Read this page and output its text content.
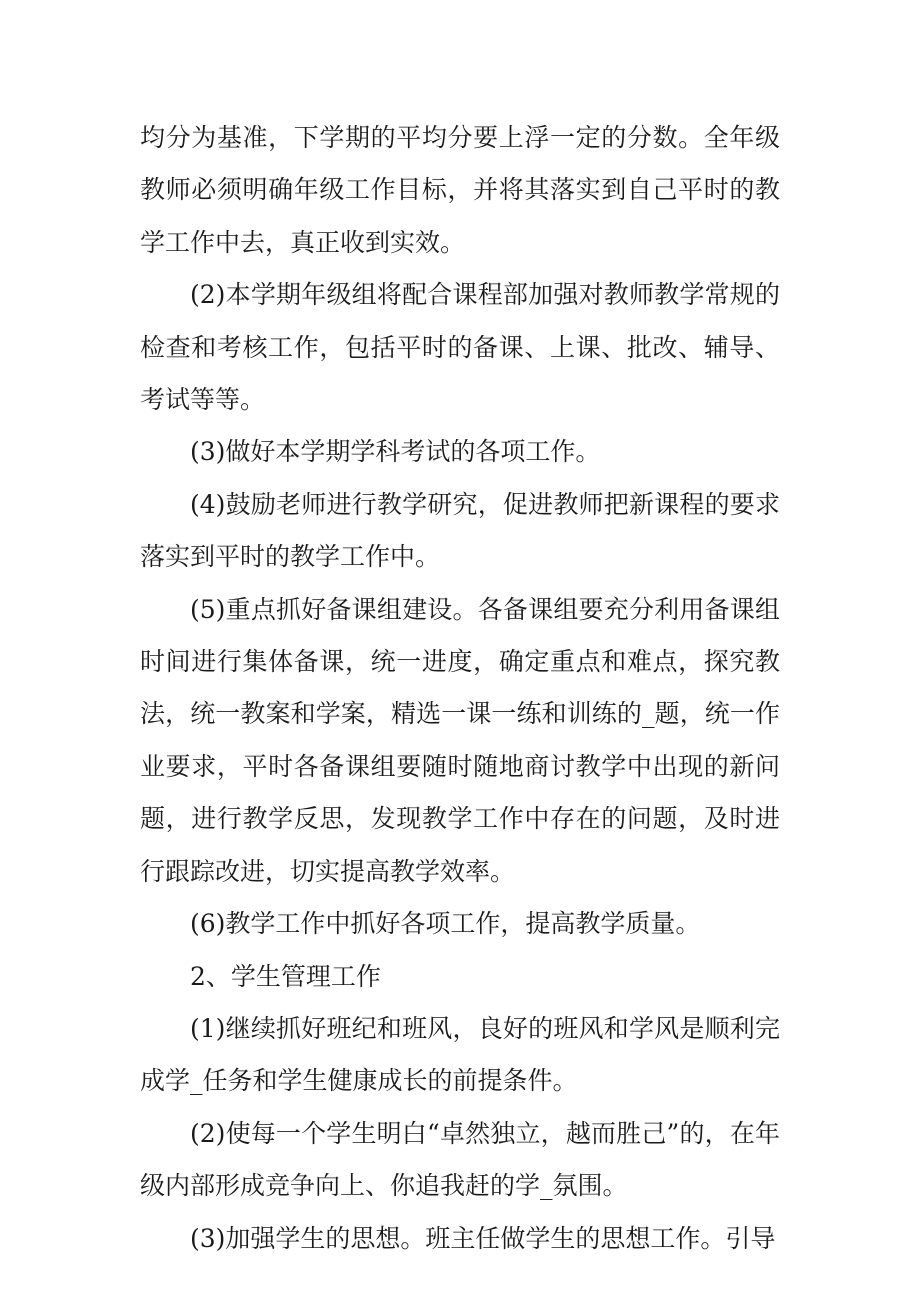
均分为基准，下学期的平均分要上浮一定的分数。全年级教师必须明确年级工作目标，并将其落实到自己平时的教学工作中去，真正收到实效。

(2)本学期年级组将配合课程部加强对教师教学常规的检查和考核工作，包括平时的备课、上课、批改、辅导、考试等等。

(3)做好本学期学科考试的各项工作。

(4)鼓励老师进行教学研究，促进教师把新课程的要求落实到平时的教学工作中。

(5)重点抓好备课组建设。各备课组要充分利用备课组时间进行集体备课，统一进度，确定重点和难点，探究教法，统一教案和学案，精选一课一练和训练的_题，统一作业要求，平时各备课组要随时随地商讨教学中出现的新问题，进行教学反思，发现教学工作中存在的问题，及时进行跟踪改进，切实提高教学效率。

(6)教学工作中抓好各项工作，提高教学质量。

2、学生管理工作

(1)继续抓好班纪和班风，良好的班风和学风是顺利完成学_任务和学生健康成长的前提条件。

(2)使每一个学生明白“卓然独立，越而胜己”的，在年级内部形成竞争向上、你追我赶的学_氛围。

(3)加强学生的思想。班主任做学生的思想工作。引导
